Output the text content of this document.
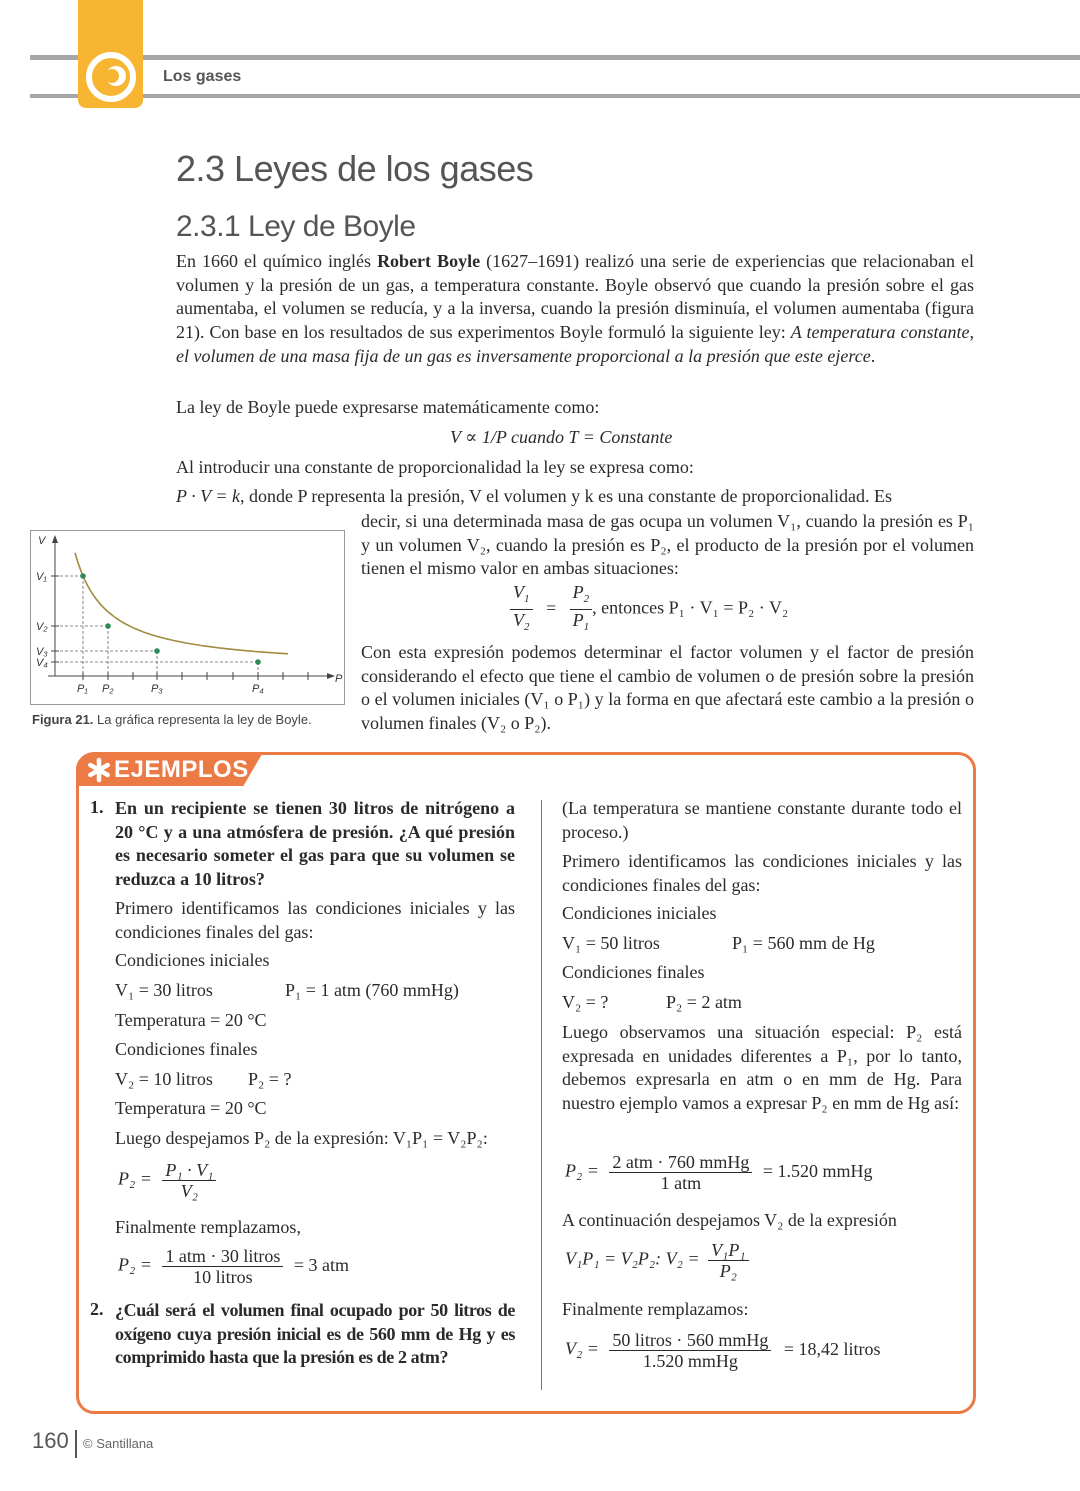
Los gases
2.3 Leyes de los gases
2.3.1 Ley de Boyle
En 1660 el químico inglés Robert Boyle (1627–1691) realizó una serie de experiencias que relacionaban el volumen y la presión de un gas, a temperatura constante. Boyle observó que cuando la presión sobre el gas aumentaba, el volumen se reducía, y a la inversa, cuando la presión disminuía, el volumen aumentaba (figura 21). Con base en los resultados de sus experimentos Boyle formuló la siguiente ley: A temperatura constante, el volumen de una masa fija de un gas es inversamente proporcional a la presión que este ejerce.
La ley de Boyle puede expresarse matemáticamente como:
V ∝ 1/P cuando T = Constante
Al introducir una constante de proporcionalidad la ley se expresa como:
P · V = k, donde P representa la presión, V el volumen y k es una constante de proporcionalidad. Es
decir, si una determinada masa de gas ocupa un volumen V₁, cuando la presión es P₁ y un volumen V₂, cuando la presión es P₂, el producto de la presión por el volumen tienen el mismo valor en ambas situaciones:
$\frac{V_1}{V_2} = \frac{P_2}{P_1}$ , entonces P₁ · V₁ = P₂ · V₂
Con esta expresión podemos determinar el factor volumen y el factor de presión considerando el efecto que tiene el cambio de volumen o de presión sobre la presión o el volumen iniciales (V₁ o P₁) y la forma en que afectará este cambio a la presión o volumen finales (V₂ o P₂).
V
P
V₁
V₂
V₃
V₄
P₁ P₂	P₃	P₄
Figura 21. La gráfica representa la ley de Boyle.
EJEMPLOS
1. En un recipiente se tienen 30 litros de nitrógeno a 20 °C y a una atmósfera de presión. ¿A qué presión es necesario someter el gas para que su volumen se reduzca a 10 litros?
Primero identificamos las condiciones iniciales y las condiciones finales del gas:
Condiciones iniciales
V₁ = 30 litros	P₁ = 1 atm (760 mmHg)
Temperatura = 20 °C
Condiciones finales
V₂ = 10 litros P₂ = ?
Temperatura = 20 °C
Luego despejamos P₂ de la expresión: V₁P₁ = V₂P₂:
$P_2 = \frac{\text{P₁ · V₁}}{\text{V₂}}$
Finalmente remplazamos,
$P_2 = \frac{\text{1 atm · 30 litros}}{\text{10 litros}} = 3$ atm
2. ¿Cuál será el volumen final ocupado por 50 litros de oxígeno cuya presión inicial es de 560 mm de Hg y es comprimido hasta que la presión es de 2 atm?
(La temperatura se mantiene constante durante todo el proceso.)
Primero identificamos las condiciones iniciales y las condiciones finales del gas:
Condiciones iniciales
V₁ = 50 litros	P₁ = 560 mm de Hg
Condiciones finales
V₂ = ?	P₂ = 2 atm
Luego observamos una situación especial: P₂ está expresada en unidades diferentes a P₁, por lo tanto, debemos expresarla en atm o en mm de Hg. Para nuestro ejemplo vamos a expresar P₂ en mm de Hg así:
$P_2 = \frac{\text{2 atm · 760 mmHg}}{\text{1 atm}} = 1.520$ mmHg
A continuación despejamos V₂ de la expresión
V₁P₁ = V₂P₂: $V_2 = \frac{\text{V₁P₁}}{\text{P₂}}$
Finalmente remplazamos:
$V_2 = \frac{\text{50 litros · 560 mmHg}}{\text{1.520 mmHg}} = 18,42$ litros
160 © Santillana
